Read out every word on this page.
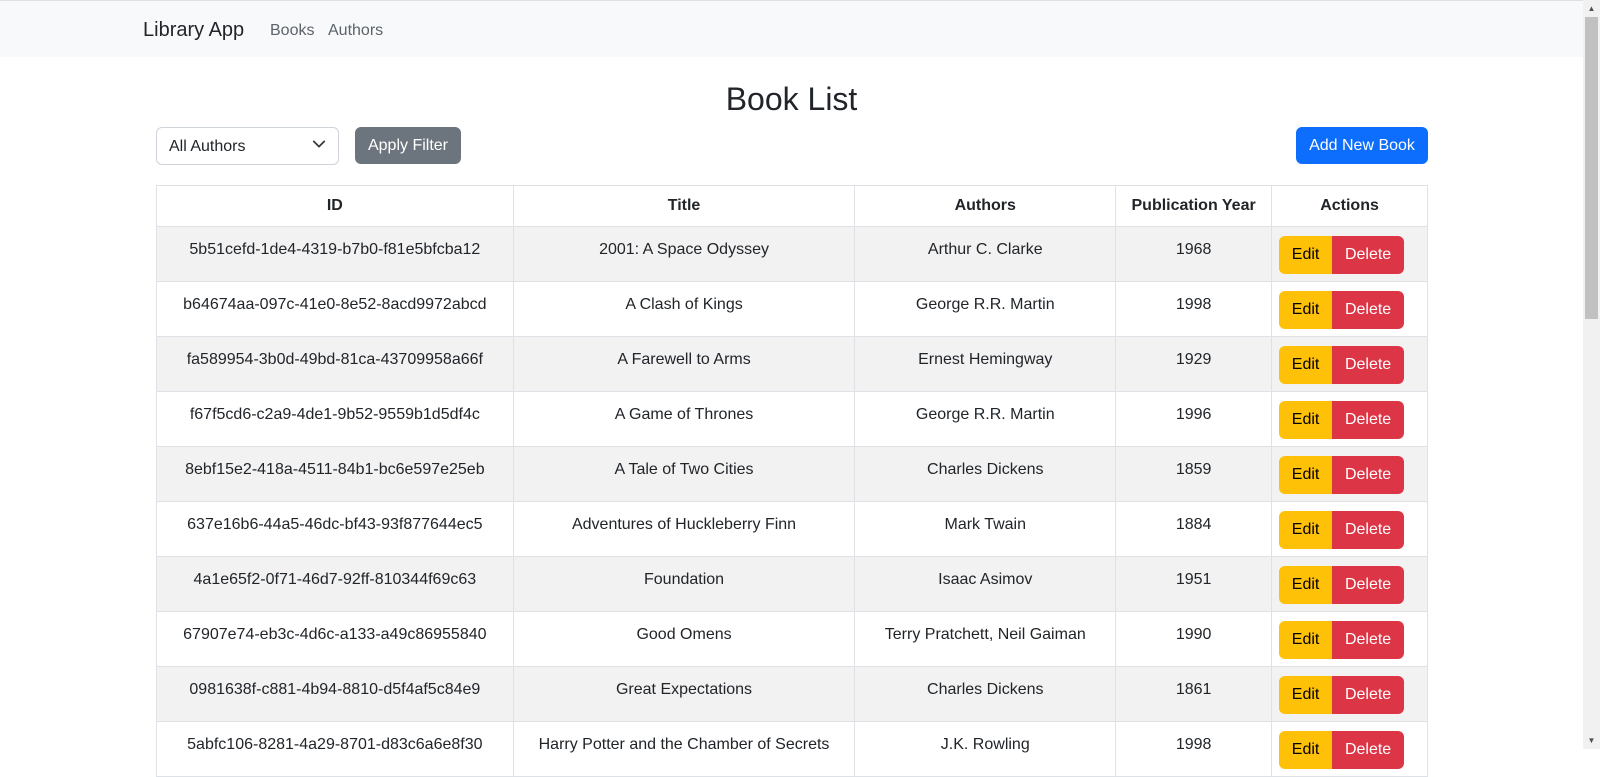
Library App Books Authors
Book List
All Authors	Apply Filter	Add New Book
ID	Title	Authors	Publication Year	Actions
5b51cefd-1de4-4319-b7b0-f81e5bfcba12	2001: A Space Odyssey	Arthur C. Clarke	1968	Edit Delete
b64674aa-097c-41e0-8e52-8acd9972abcd	A Clash of Kings	George R.R. Martin	1998	Edit Delete
fa589954-3b0d-49bd-81ca-43709958a66f	A Farewell to Arms	Ernest Hemingway	1929	Edit Delete
f67f5cd6-c2a9-4de1-9b52-9559b1d5df4c	A Game of Thrones	George R.R. Martin	1996	Edit Delete
8ebf15e2-418a-4511-84b1-bc6e597e25eb	A Tale of Two Cities	Charles Dickens	1859	Edit Delete
637e16b6-44a5-46dc-bf43-93f877644ec5	Adventures of Huckleberry Finn	Mark Twain	1884	Edit Delete
4a1e65f2-0f71-46d7-92ff-810344f69c63	Foundation	Isaac Asimov	1951	Edit Delete
67907e74-eb3c-4d6c-a133-a49c86955840	Good Omens	Terry Pratchett, Neil Gaiman	1990	Edit Delete
0981638f-c881-4b94-8810-d5f4af5c84e9	Great Expectations	Charles Dickens	1861	Edit Delete
5abfc106-8281-4a29-8701-d83c6a6e8f30	Harry Potter and the Chamber of Secrets	J.K. Rowling	1998	Edit Delete
▲
▼
